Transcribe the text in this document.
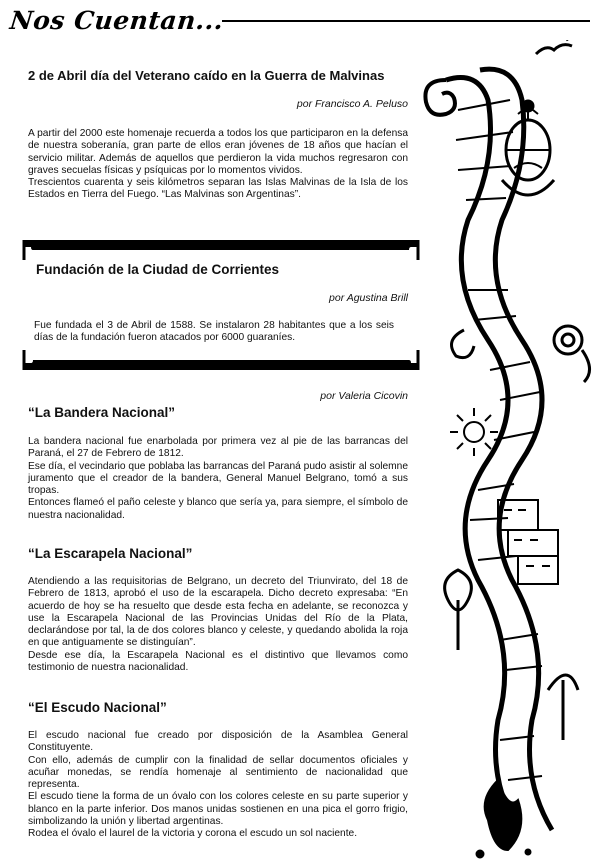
Nos Cuentan...

2 de Abril día del Veterano caído en la Guerra de Malvinas

por Francisco A. Peluso

A partir del 2000 este homenaje recuerda a todos los que participaron en la defensa de nuestra soberanía, gran parte de ellos eran jóvenes de 18 años que hacían el servicio militar. Además de aquellos que perdieron la vida muchos regresaron con graves secuelas físicas y psíquicas por lo momentos vividos.

Trescientos cuarenta y seis kilómetros separan las Islas Malvinas de la Isla de los Estados en Tierra del Fuego. “Las Malvinas son Argentinas”.

Fundación de la Ciudad de Corrientes

por Agustina Brill

Fue fundada el 3 de Abril de 1588. Se instalaron 28 habitantes que a los seis días de la fundación fueron atacados por 6000 guaraníes.

por Valeria Cicovin

“La Bandera Nacional”

La bandera nacional fue enarbolada por primera vez al pie de las barrancas del Paraná, el 27 de Febrero de 1812.

Ese día, el vecindario que poblaba las barrancas del Paraná pudo asistir al solemne juramento que el creador de la bandera, General Manuel Belgrano, tomó a sus tropas.

Entonces flameó el paño celeste y blanco que sería ya, para siempre, el símbolo de nuestra nacionalidad.

“La Escarapela Nacional”

Atendiendo a las requisitorias de Belgrano, un decreto del Triunvirato, del 18 de Febrero de 1813, aprobó el uso de la escarapela. Dicho decreto expresaba: “En acuerdo de hoy se ha resuelto que desde esta fecha en adelante, se reconozca y use la Escarapela Nacional de las Provincias Unidas del Río de la Plata, declarándose por tal, la de dos colores blanco y celeste, y quedando abolida la roja en que antiguamente se distinguían”.

Desde ese día, la Escarapela Nacional es el distintivo que llevamos como testimonio de nuestra nacionalidad.

“El Escudo Nacional”

El escudo nacional fue creado por disposición de la Asamblea General Constituyente.

Con ello, además de cumplir con la finalidad de sellar documentos oficiales y acuñar monedas, se rendía homenaje al sentimiento de nacionalidad que representa.

El escudo tiene la forma de un óvalo con los colores celeste en su parte superior y blanco en la parte inferior. Dos manos unidas sostienen en una pica el gorro frigio, simbolizando la unión y libertad argentinas.

Rodea el óvalo el laurel de la victoria y corona el escudo un sol naciente.
